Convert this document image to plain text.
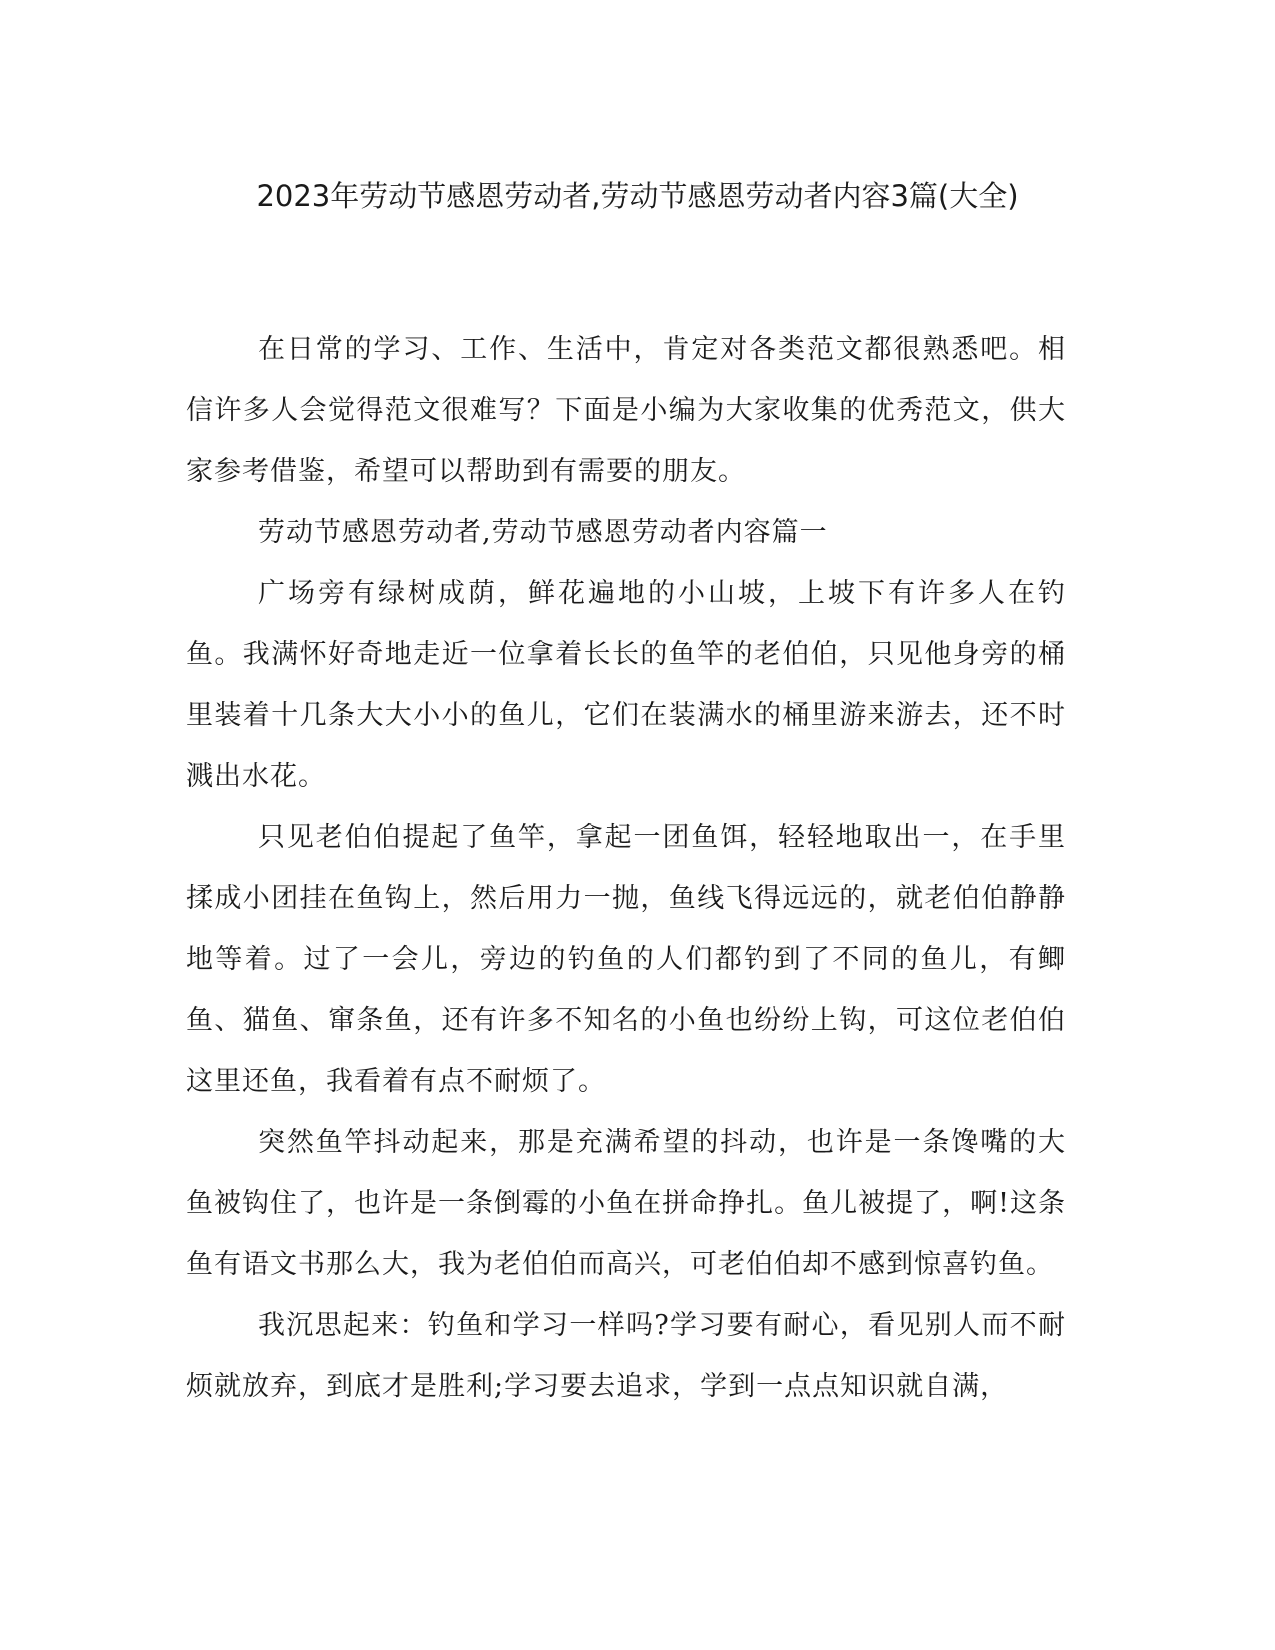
2023年劳动节感恩劳动者,劳动节感恩劳动者内容3篇(大全)

在日常的学习、工作、生活中，肯定对各类范文都很熟悉吧。相信许多人会觉得范文很难写？下面是小编为大家收集的优秀范文，供大家参考借鉴，希望可以帮助到有需要的朋友。

劳动节感恩劳动者,劳动节感恩劳动者内容篇一

广场旁有绿树成荫，鲜花遍地的小山坡，上坡下有许多人在钓鱼。我满怀好奇地走近一位拿着长长的鱼竿的老伯伯，只见他身旁的桶里装着十几条大大小小的鱼儿，它们在装满水的桶里游来游去，还不时溅出水花。

只见老伯伯提起了鱼竿，拿起一团鱼饵，轻轻地取出一，在手里揉成小团挂在鱼钩上，然后用力一抛，鱼线飞得远远的，就老伯伯静静地等着。过了一会儿，旁边的钓鱼的人们都钓到了不同的鱼儿，有鲫鱼、猫鱼、窜条鱼，还有许多不知名的小鱼也纷纷上钩，可这位老伯伯这里还鱼，我看着有点不耐烦了。

突然鱼竿抖动起来，那是充满希望的抖动，也许是一条馋嘴的大鱼被钩住了，也许是一条倒霉的小鱼在拼命挣扎。鱼儿被提了，啊!这条鱼有语文书那么大，我为老伯伯而高兴，可老伯伯却不感到惊喜钓鱼。

我沉思起来：钓鱼和学习一样吗?学习要有耐心，看见别人而不耐烦就放弃，到底才是胜利;学习要去追求，学到一点点知识就自满，
